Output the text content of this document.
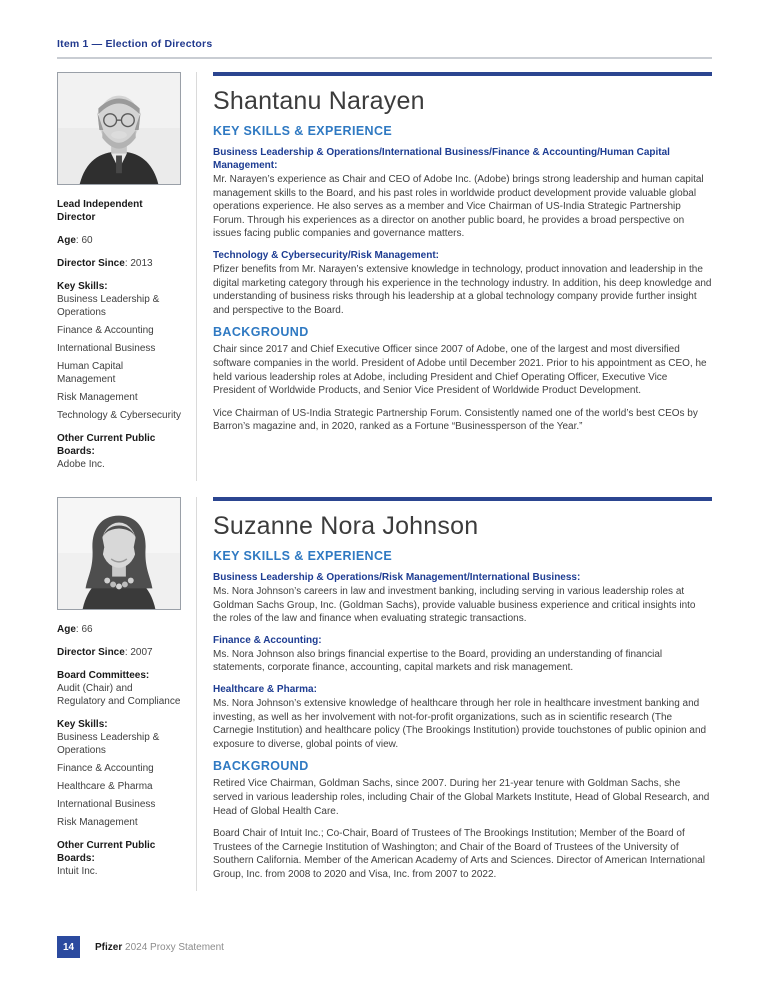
Item 1 — Election of Directors
Lead Independent Director
Age: 60
Director Since: 2013
Key Skills:
Business Leadership & Operations
Finance & Accounting
International Business
Human Capital Management
Risk Management
Technology & Cybersecurity
Other Current Public Boards:
Adobe Inc.
Shantanu Narayen
KEY SKILLS & EXPERIENCE
Business Leadership & Operations/International Business/Finance & Accounting/Human Capital Management:
Mr. Narayen’s experience as Chair and CEO of Adobe Inc. (Adobe) brings strong leadership and human capital management skills to the Board, and his past roles in worldwide product development provide valuable global operations experience. He also serves as a member and Vice Chairman of US-India Strategic Partnership Forum. Through his experiences as a director on another public board, he provides a broad perspective on issues facing public companies and governance matters.
Technology & Cybersecurity/Risk Management:
Pfizer benefits from Mr. Narayen’s extensive knowledge in technology, product innovation and leadership in the digital marketing category through his experience in the technology industry. In addition, his deep knowledge and understanding of business risks through his leadership at a global technology company provide further insight and perspective to the Board.
BACKGROUND

Chair since 2017 and Chief Executive Officer since 2007 of Adobe, one of the largest and most diversified software companies in the world. President of Adobe until December 2021. Prior to his appointment as CEO, he held various leadership roles at Adobe, including President and Chief Operating Officer, Executive Vice President of Worldwide Products, and Senior Vice President of Worldwide Product Development.

Vice Chairman of US-India Strategic Partnership Forum. Consistently named one of the world’s best CEOs by Barron’s magazine and, in 2020, ranked as a Fortune “Businessperson of the Year.”

Age: 66
Director Since: 2007
Board Committees:
Audit (Chair) and Regulatory and Compliance
Key Skills:
Business Leadership & Operations
Finance & Accounting
Healthcare & Pharma
International Business
Risk Management
Other Current Public Boards:
Intuit Inc.
Suzanne Nora Johnson
KEY SKILLS & EXPERIENCE
Business Leadership & Operations/Risk Management/International Business:
Ms. Nora Johnson’s careers in law and investment banking, including serving in various leadership roles at Goldman Sachs Group, Inc. (Goldman Sachs), provide valuable business experience and critical insights into the roles of the law and finance when evaluating strategic transactions.
Finance & Accounting:
Ms. Nora Johnson also brings financial expertise to the Board, providing an understanding of financial statements, corporate finance, accounting, capital markets and risk management.
Healthcare & Pharma:
Ms. Nora Johnson’s extensive knowledge of healthcare through her role in healthcare investment banking and investing, as well as her involvement with not-for-profit organizations, such as in scientific research (The Carnegie Institution) and healthcare policy (The Brookings Institution) provide touchstones of public opinion and exposure to diverse, global points of view.
BACKGROUND

Retired Vice Chairman, Goldman Sachs, since 2007. During her 21-year tenure with Goldman Sachs, she served in various leadership roles, including Chair of the Global Markets Institute, Head of Global Research, and Head of Global Health Care.

Board Chair of Intuit Inc.; Co-Chair, Board of Trustees of The Brookings Institution; Member of the Board of Trustees of the Carnegie Institution of Washington; and Chair of the Board of Trustees of the University of Southern California. Member of the American Academy of Arts and Sciences. Director of American International Group, Inc. from 2008 to 2020 and Visa, Inc. from 2007 to 2022.

14	Pfizer 2024 Proxy Statement
